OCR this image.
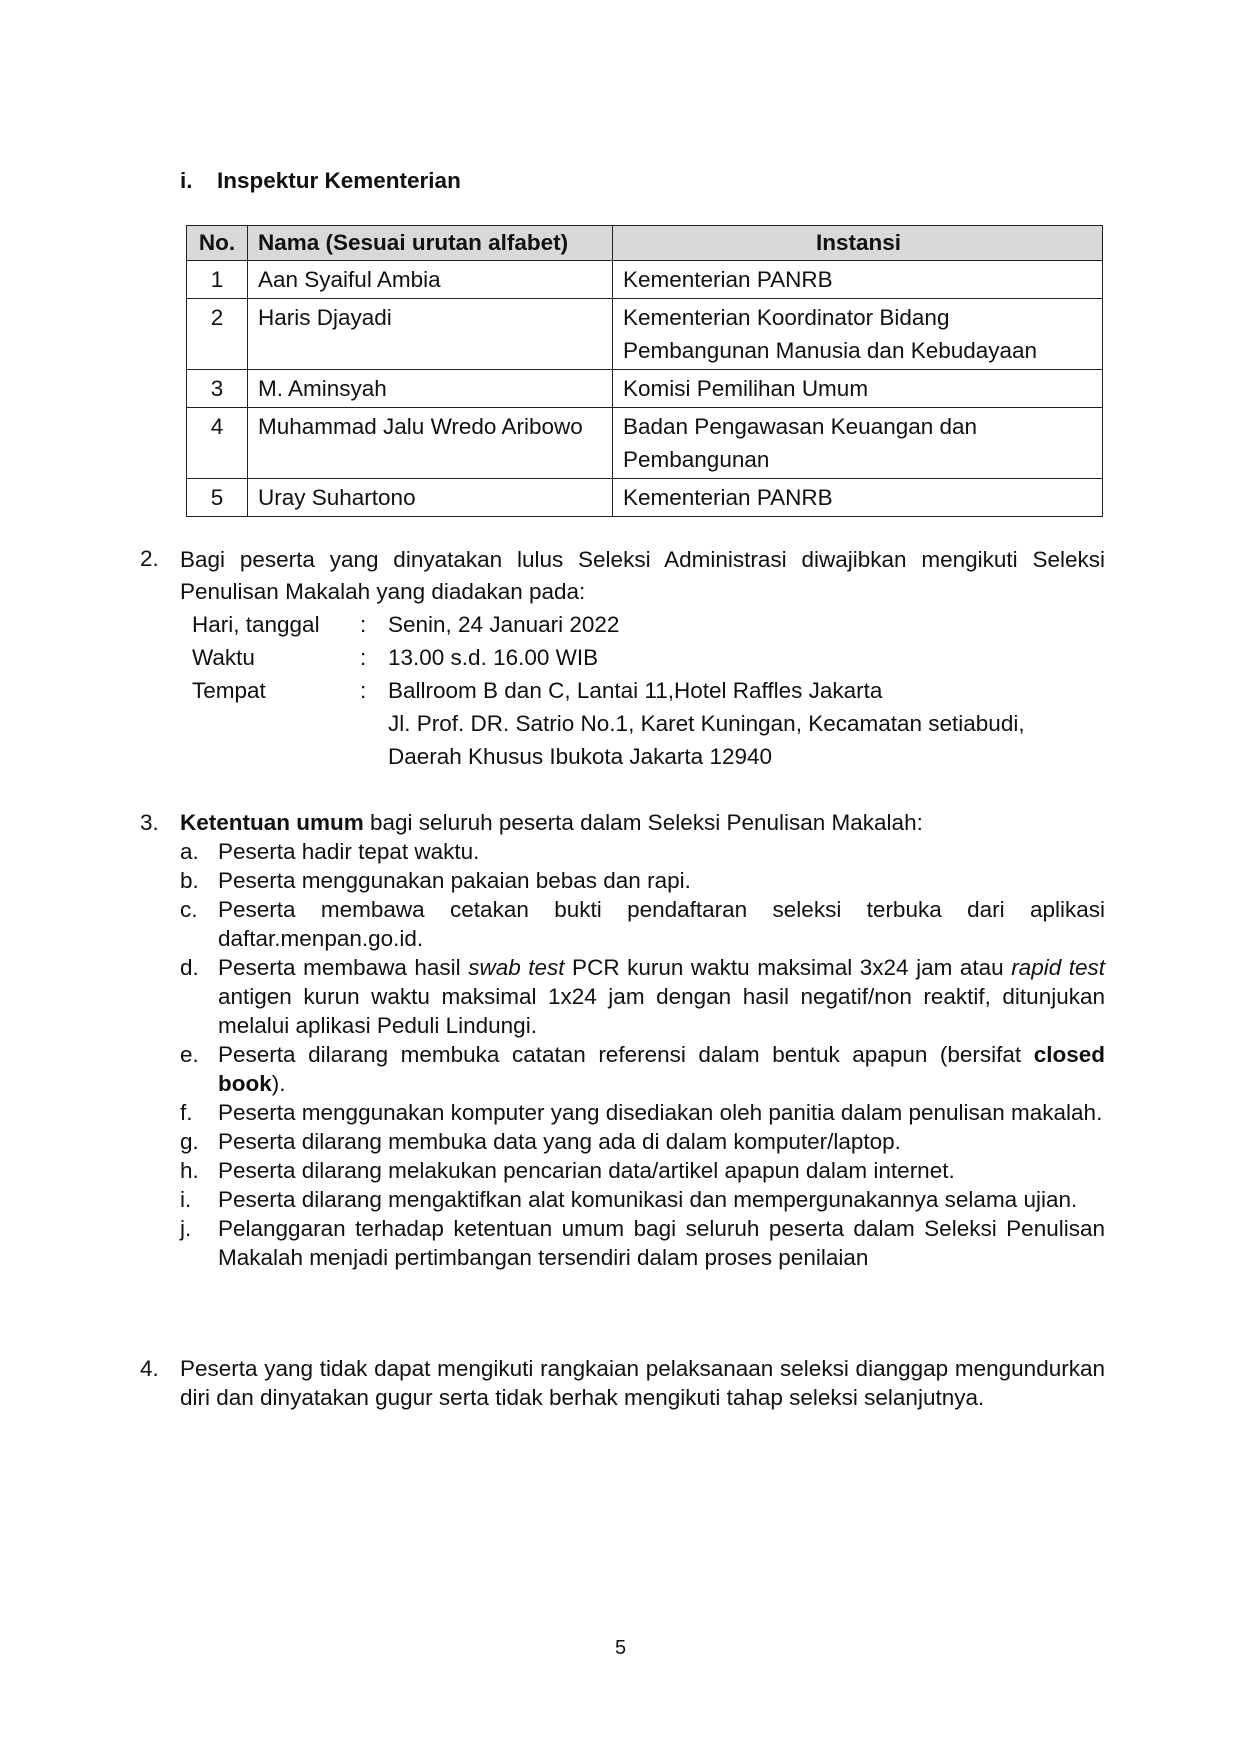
i. Inspektur Kementerian
No.	Nama (Sesuai urutan alfabet)	Instansi
1	Aan Syaiful Ambia	Kementerian PANRB
2	Haris Djayadi	Kementerian Koordinator Bidang Pembangunan Manusia dan Kebudayaan
3	M. Aminsyah	Komisi Pemilihan Umum
4	Muhammad Jalu Wredo Aribowo	Badan Pengawasan Keuangan dan Pembangunan
5	Uray Suhartono	Kementerian PANRB
2. Bagi peserta yang dinyatakan lulus Seleksi Administrasi diwajibkan mengikuti Seleksi Penulisan Makalah yang diadakan pada:
Hari, tanggal	: Senin, 24 Januari 2022
Waktu	: 13.00 s.d. 16.00 WIB
Tempat	: Ballroom B dan C, Lantai 11,Hotel Raffles Jakarta
Jl. Prof. DR. Satrio No.1, Karet Kuningan, Kecamatan setiabudi,
Daerah Khusus Ibukota Jakarta 12940
3. Ketentuan umum bagi seluruh peserta dalam Seleksi Penulisan Makalah:
a. Peserta hadir tepat waktu.
b. Peserta menggunakan pakaian bebas dan rapi.
c. Peserta membawa cetakan bukti pendaftaran seleksi terbuka dari aplikasi daftar.menpan.go.id.
d. Peserta membawa hasil swab test PCR kurun waktu maksimal 3x24 jam atau rapid test antigen kurun waktu maksimal 1x24 jam dengan hasil negatif/non reaktif, ditunjukan melalui aplikasi Peduli Lindungi.
e. Peserta dilarang membuka catatan referensi dalam bentuk apapun (bersifat closed book).
f.	Peserta menggunakan komputer yang disediakan oleh panitia dalam penulisan makalah.
g. Peserta dilarang membuka data yang ada di dalam komputer/laptop.
h. Peserta dilarang melakukan pencarian data/artikel apapun dalam internet.
i.	Peserta dilarang mengaktifkan alat komunikasi dan mempergunakannya selama ujian.
j.	Pelanggaran terhadap ketentuan umum bagi seluruh peserta dalam Seleksi Penulisan Makalah menjadi pertimbangan tersendiri dalam proses penilaian
4. Peserta yang tidak dapat mengikuti rangkaian pelaksanaan seleksi dianggap mengundurkan diri dan dinyatakan gugur serta tidak berhak mengikuti tahap seleksi selanjutnya.
5
